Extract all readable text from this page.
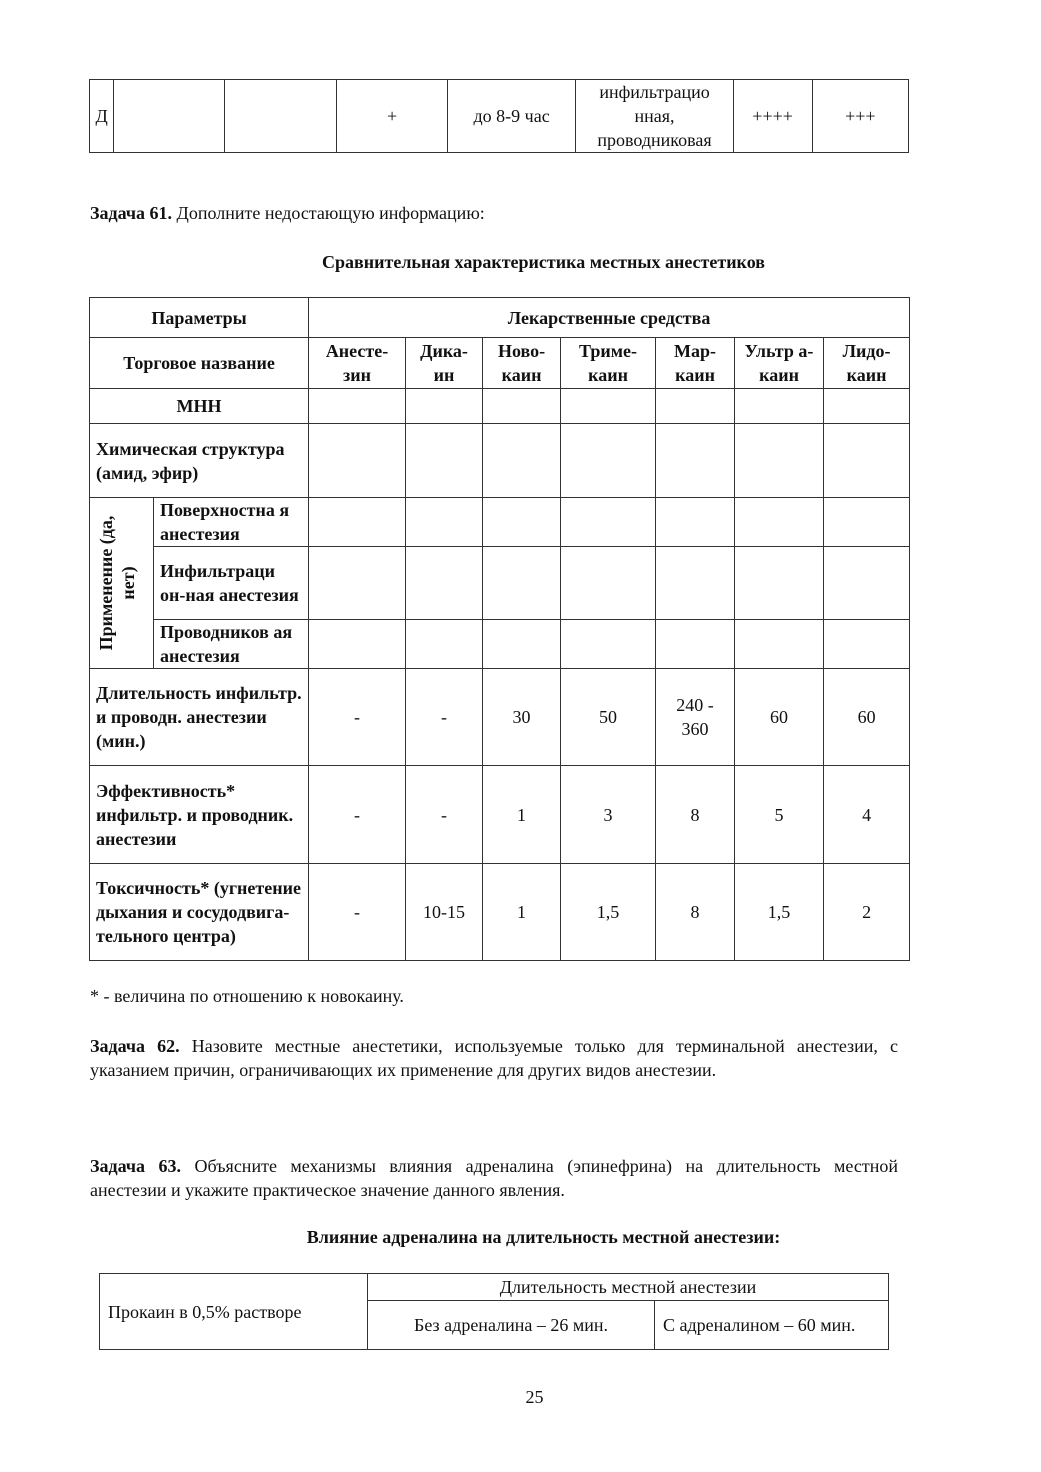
Д			+	до 8-9 час	инфильтрацио нная, проводниковая	++++	+++
Задача 61. Дополните недостающую информацию:
Сравнительная характеристика местных анестетиков
Параметры		Лекарственные средства						
Торговое название		Анесте-зин	Дика-ин	Ново-каин	Триме-каин	Мар-каин	Ультр а-каин	Лидо-каин
МНН								
Химическая структура (амид, эфир)								

Применение (да, нет)	Поверхностна я анестезия							
	Инфильтраци он-ная анестезия							
	Проводников ая анестезия							
Длительность инфильтр. и проводн. анестезии (мин.)		-	-	30	50	240 - 360	60	60
Эффективность* инфильтр. и проводник. анестезии		-	-	1	3	8	5	4
Токсичность* (угнетение дыхания и сосудодвига-тельного центра)		-	10-15	1	1,5	8	1,5	2
* - величина по отношению к новокаину.
Задача 62. Назовите местные анестетики, используемые только для терминальной анестезии, с указанием причин, ограничивающих их применение для других видов анестезии.
Задача 63. Объясните механизмы влияния адреналина (эпинефрина) на длительность местной анестезии и укажите практическое значение данного явления.
Влияние адреналина на длительность местной анестезии:
Прокаин в 0,5% растворе	Длительность местной анестезии	
	Без адреналина – 26 мин.	С адреналином – 60 мин.
25
